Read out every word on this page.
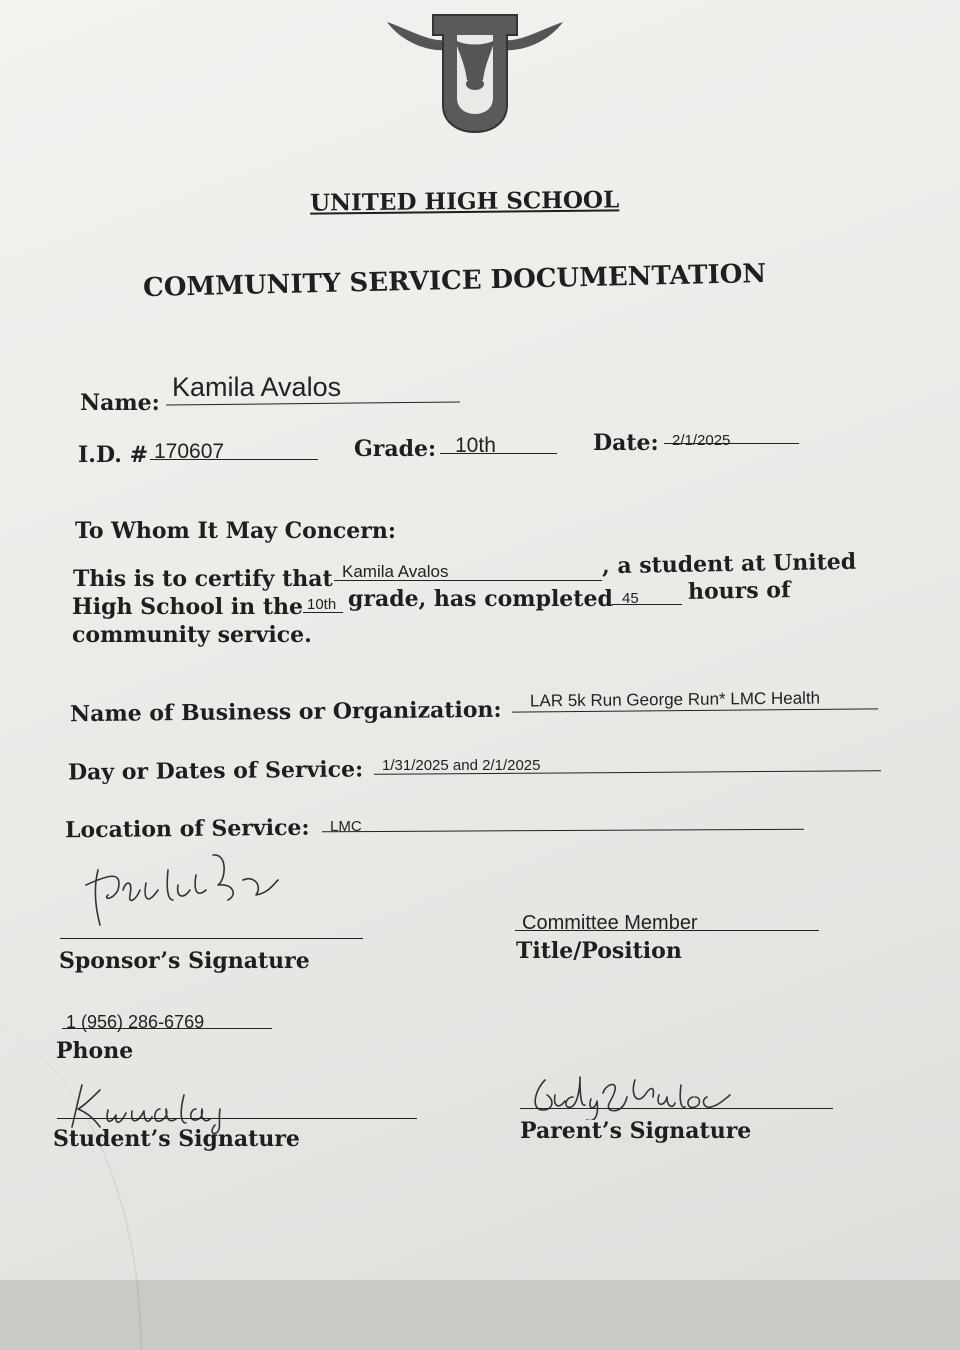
UNITED HIGH SCHOOL
COMMUNITY SERVICE DOCUMENTATION
Name:
Kamila Avalos
I.D. # 170607	Grade: 10th	Date: 2/1/2025
To Whom It May Concern:
This is to certify that Kamila Avalos	, a student at United
High School in the 10th grade, has completed 45 hours of
community service.
Name of Business or Organization: LAR 5k Run George Run* LMC Health
Day or Dates of Service: 1/31/2025 and 2/1/2025
Location of Service: LMC
Sponsor’s Signature
Committee Member
Title/Position
1 (956) 286-6769
Phone
Student’s Signature	Parent’s Signature
